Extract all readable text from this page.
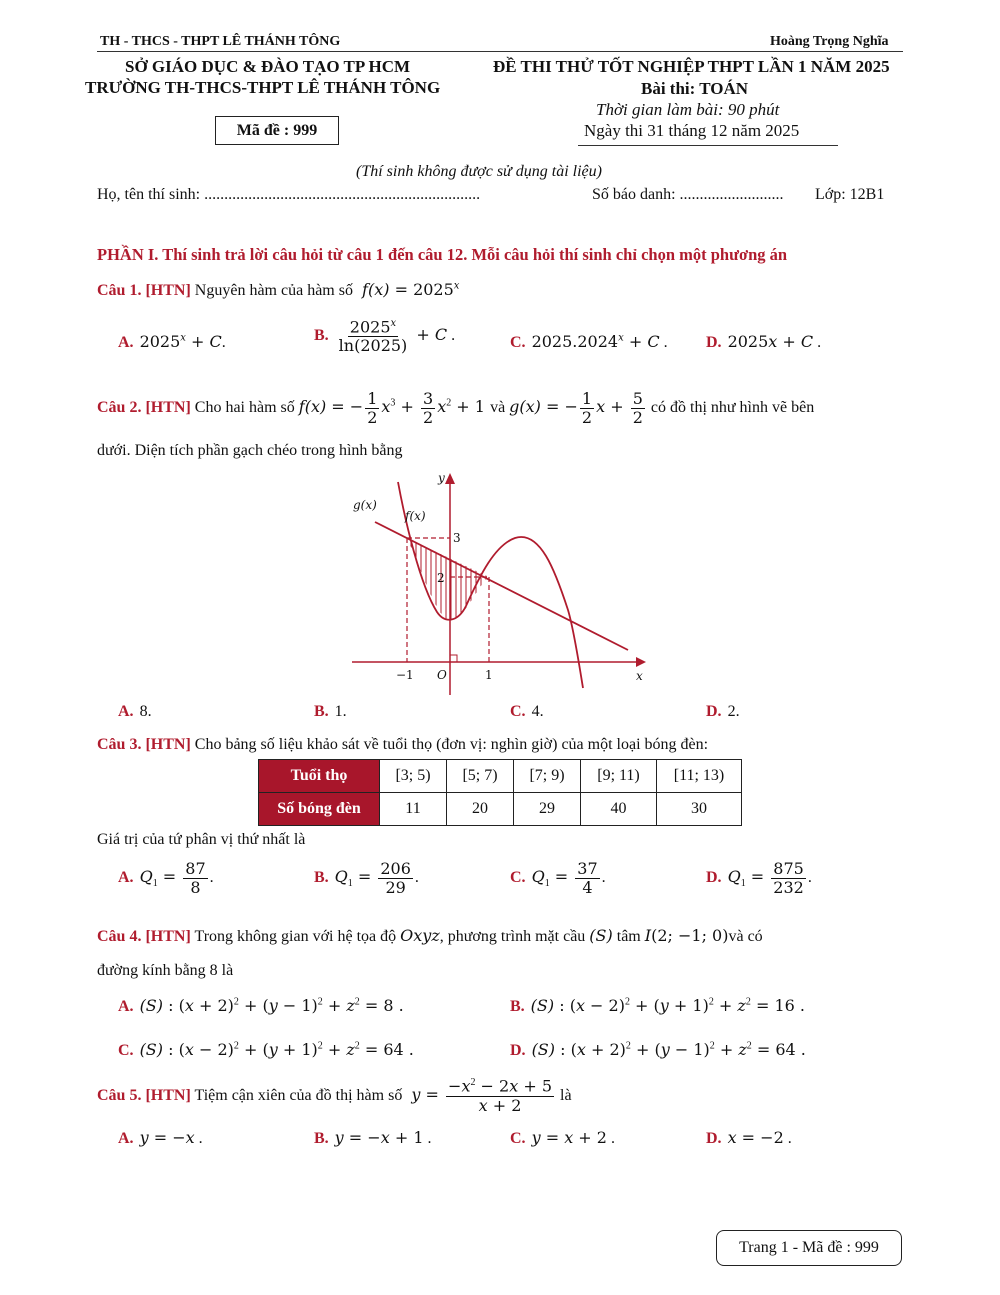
TH - THCS - THPT LÊ THÁNH TÔNG	Hoàng Trọng Nghĩa
SỞ GIÁO DỤC & ĐÀO TẠO TP HCM
TRƯỜNG TH-THCS-THPT LÊ THÁNH TÔNG
ĐỀ THI THỬ TỐT NGHIỆP THPT LẦN 1 NĂM 2025
Bài thi: TOÁN
Thời gian làm bài: 90 phút
Ngày thi 31 tháng 12 năm 2025
Mã đề : 999
(Thí sinh không được sử dụng tài liệu)
Họ, tên thí sinh: .....................................................................	Số báo danh: .......................... Lớp: 12B1
PHẦN I. Thí sinh trả lời câu hỏi từ câu 1 đến câu 12. Mỗi câu hỏi thí sinh chỉ chọn một phương án
Câu 1. [HTN] Nguyên hàm của hàm số  $f(x) = 2025^x$
A. $2025^x + C$.	B. $\frac{2025^x}{\ln(2025)} + C$ .	C. $2025.2024^x + C$ . D. 2025x + C .
Câu 2. [HTN] Cho hai hàm số f(x) = − $\frac{1}{2} x^3 + \frac{3}{2} x^2 + 1$ và g(x) = − $\frac{1}{2}$ $x + \frac{5}{2}$ có đồ thị như hình vẽ bên
dưới. Diện tích phần gạch chéo trong hình bằng
y
x
O
g(x)
f(x)
−1	1
2
3
A. 8.	B. 1.	C. 4.	D. 2.
Câu 3. [HTN] Cho bảng số liệu khảo sát về tuổi thọ (đơn vị: nghìn giờ) của một loại bóng đèn:
Tuổi thọ	[3; 5)	[5; 7)	[7; 9)	[9; 11)	[11; 13)
Số bóng đèn	11	20	29	40	30
Giá trị của tứ phân vị thứ nhất là
A. $Q_1 = \frac{87}{8}$ .	B. $Q_1 = \frac{206}{29}$ .	C. $Q_1 = \frac{37}{4}$ .	D. $Q_1 = \frac{875}{232}$ .
Câu 4. [HTN] Trong không gian với hệ tọa độ Oxyz, phương trình mặt cầu (S) tâm I(2; −1; 0)và có
đường kính bằng 8 là
A. (S) : $(x + 2)^2 + (y - 1)^2 + z^2 = 8$ .	B. (S) : $(x - 2)^2 + (y + 1)^2 + z^2 = 16$ .
C. (S) : $(x - 2)^2 + (y + 1)^2 + z^2 = 64$ .	D. (S) : $(x + 2)^2 + (y - 1)^2 + z^2 = 64$ .
Câu 5. [HTN] Tiệm cận xiên của đồ thị hàm số  $y = \frac{-x^2 - 2x + 5}{x + 2}$ là
A. y = −x .	B. y = −x + 1 .	C. y = x + 2 .	D. x = −2 .
Trang 1 - Mã đề : 999
